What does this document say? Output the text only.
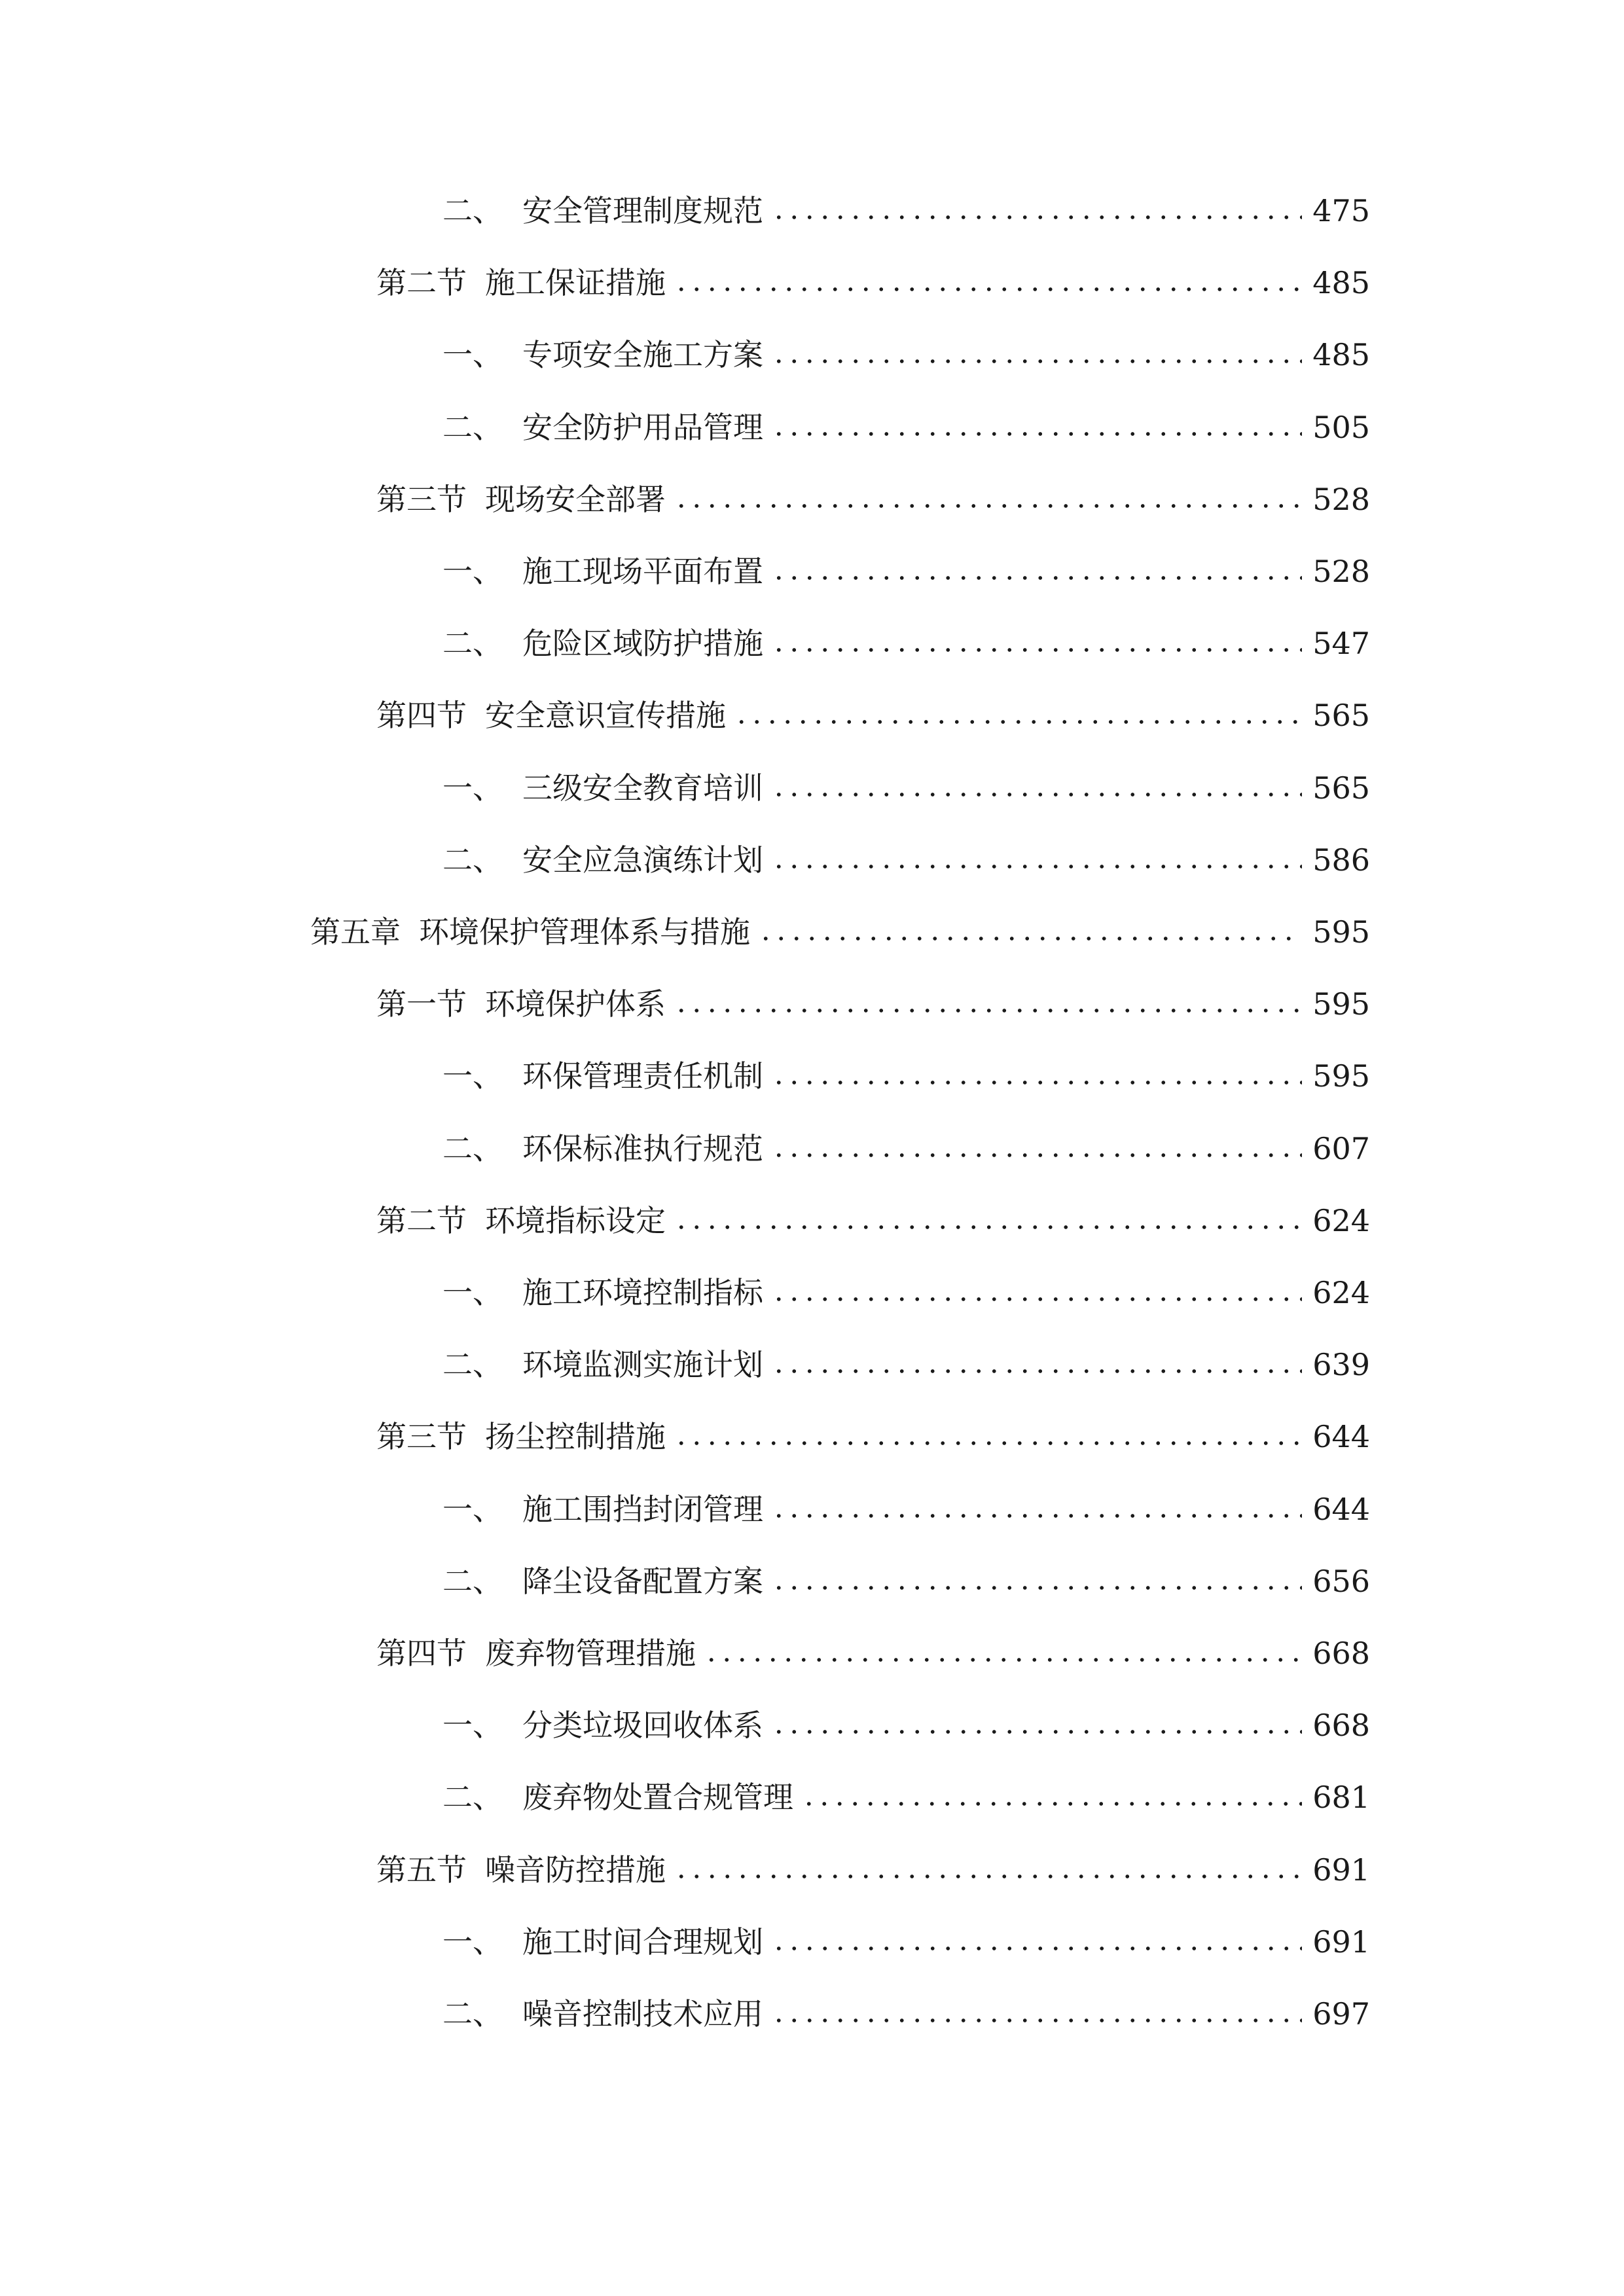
二、 安全管理制度规范	475
第二节 施工保证措施	485
一、 专项安全施工方案	485
二、 安全防护用品管理	505
第三节 现场安全部署	528
一、 施工现场平面布置	528
二、 危险区域防护措施	547
第四节 安全意识宣传措施	565
一、 三级安全教育培训	565
二、 安全应急演练计划	586
第五章 环境保护管理体系与措施	595
第一节 环境保护体系	595
一、 环保管理责任机制	595
二、 环保标准执行规范	607
第二节 环境指标设定	624
一、 施工环境控制指标	624
二、 环境监测实施计划	639
第三节 扬尘控制措施	644
一、 施工围挡封闭管理	644
二、 降尘设备配置方案	656
第四节 废弃物管理措施	668
一、 分类垃圾回收体系	668
二、 废弃物处置合规管理	681
第五节 噪音防控措施	691
一、 施工时间合理规划	691
二、 噪音控制技术应用	697
